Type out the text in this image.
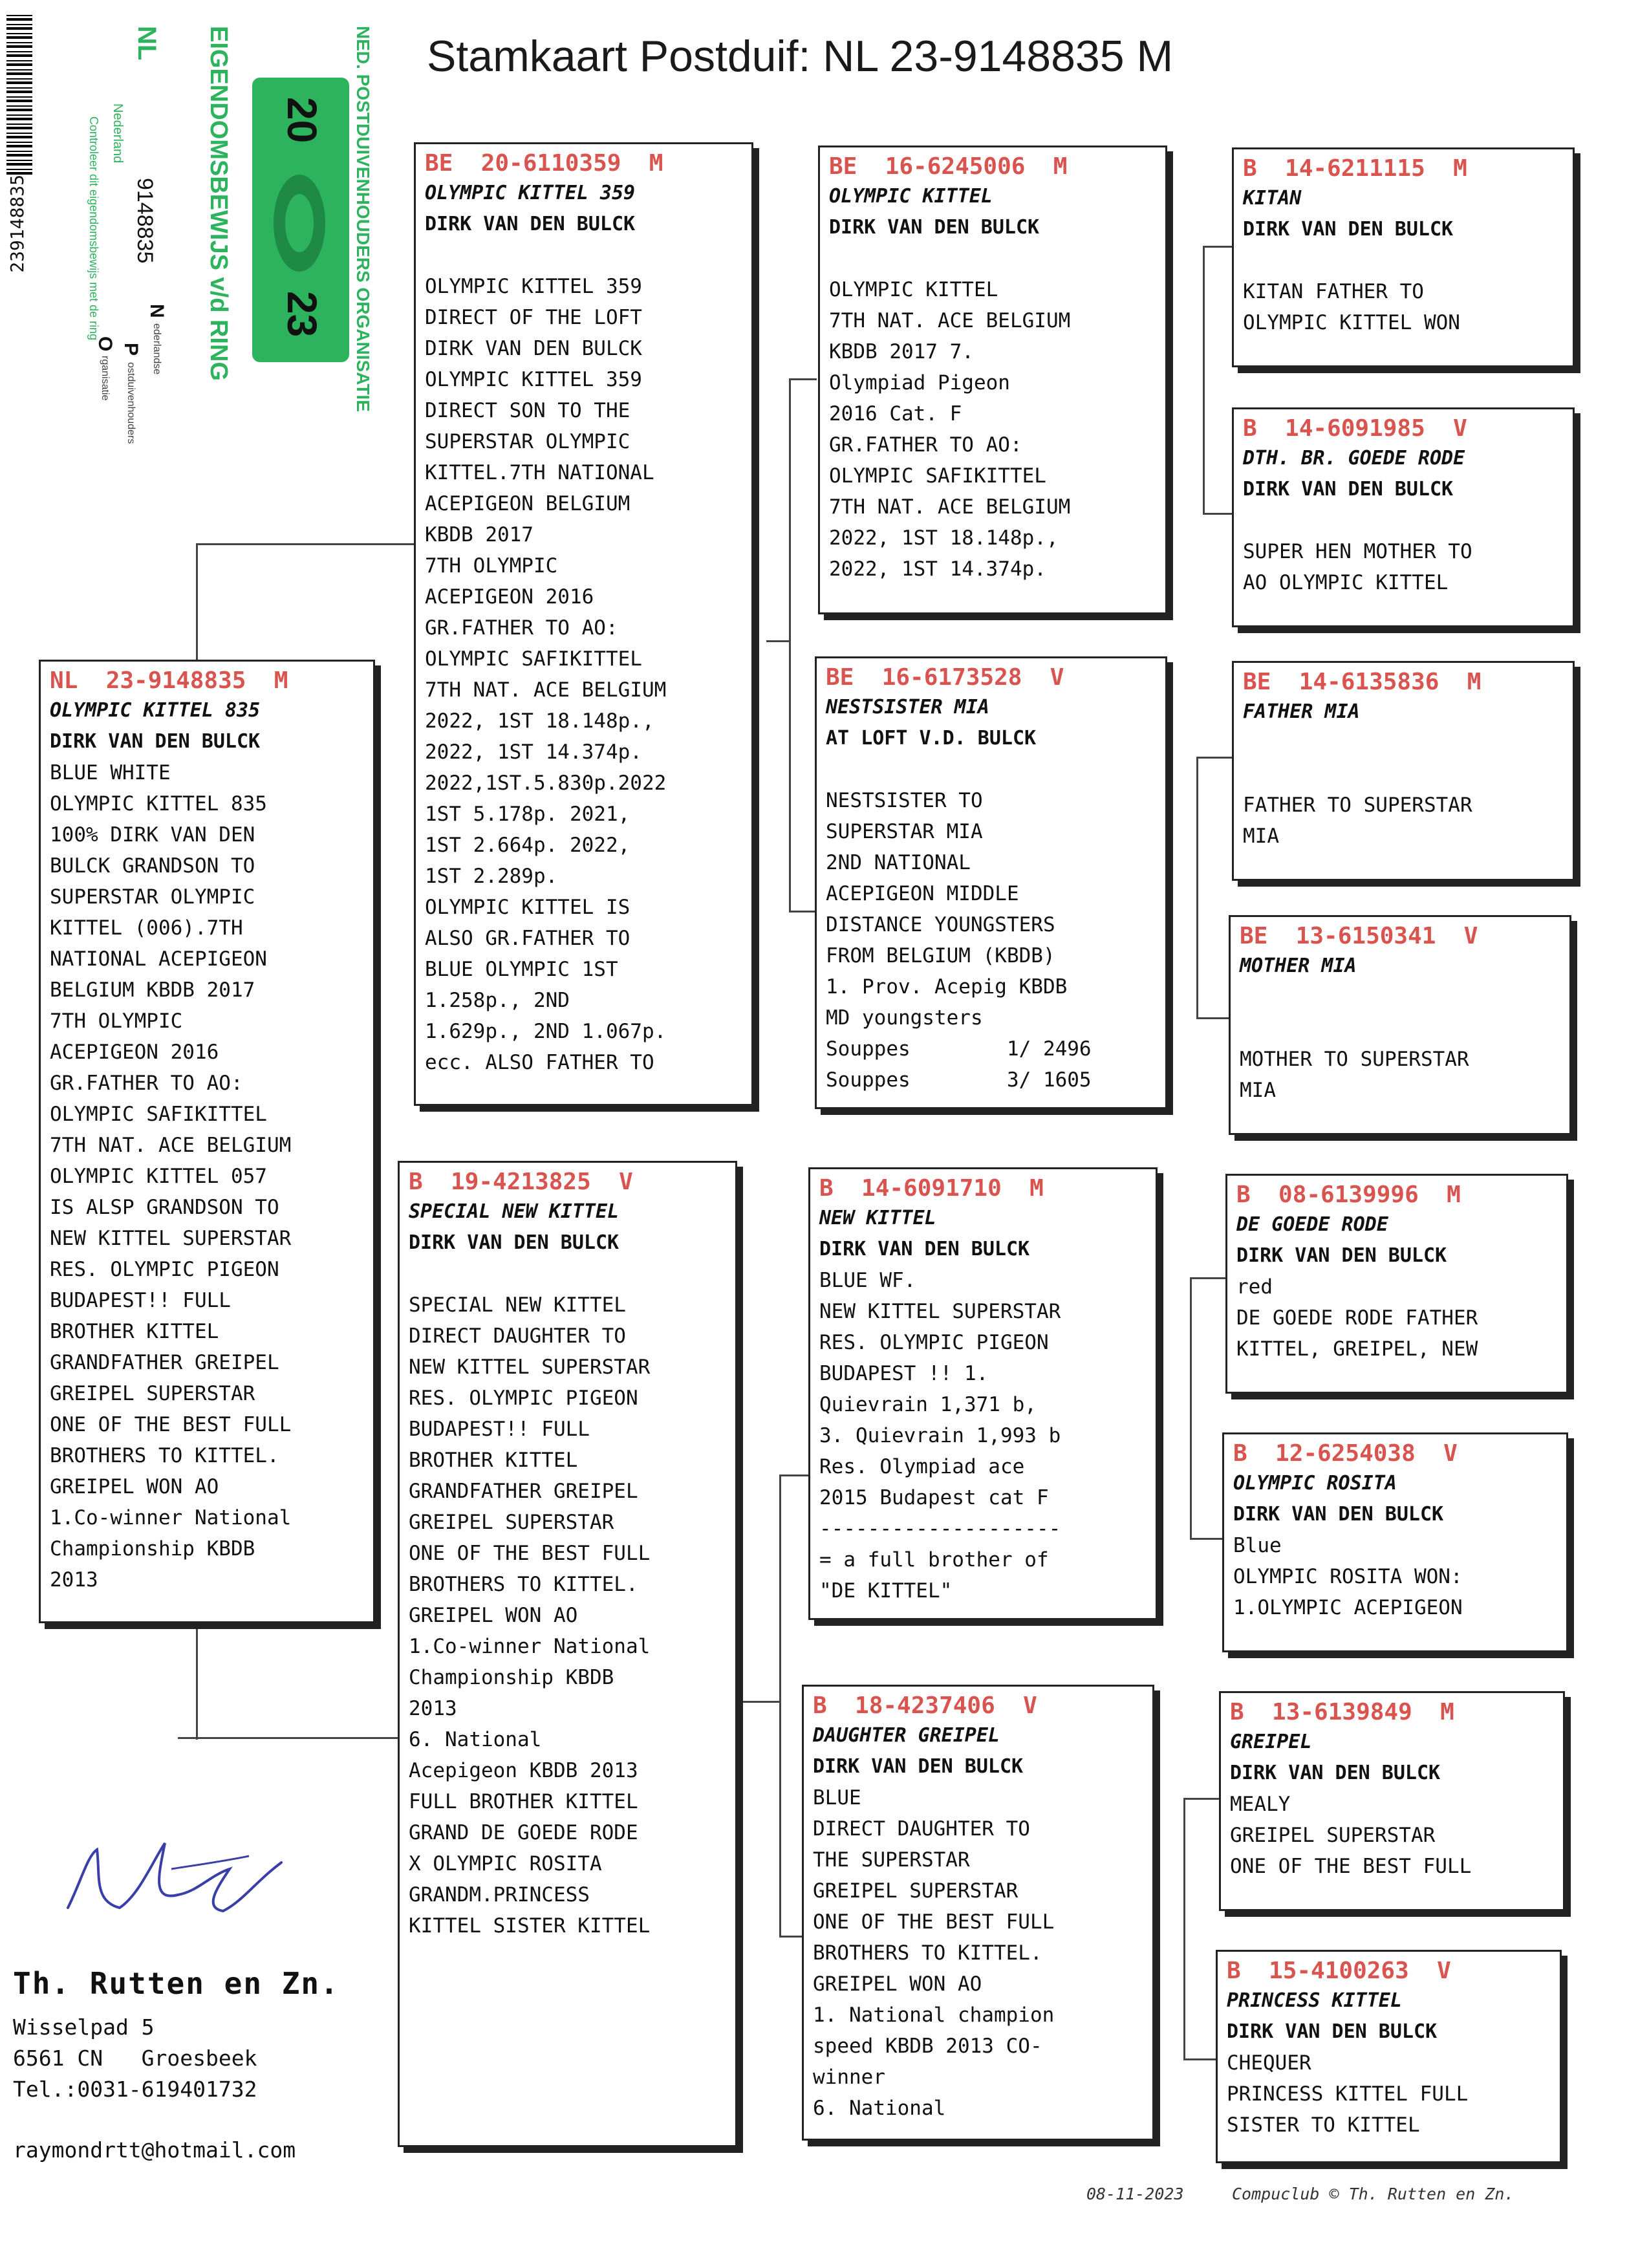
Stamkaart Postduif: NL 23-9148835 M
239148835	NED. POSTDUIVENHOUDERS ORGANISATIE
EIGENDOMSBEWIJS v/d RING
NL
Nederland
Controleer dit eigendomsbewijs met de ring 9148835
20
23
N
ederlandse
P
ostduivenhouders
O
rganisatie
NL  23-9148835  M
OLYMPIC KITTEL 835
DIRK VAN DEN BULCK
BLUE WHITE
OLYMPIC KITTEL 835
100% DIRK VAN DEN
BULCK GRANDSON TO
SUPERSTAR OLYMPIC
KITTEL (006).7TH
NATIONAL ACEPIGEON
BELGIUM KBDB 2017
7TH OLYMPIC
ACEPIGEON 2016
GR.FATHER TO AO:
OLYMPIC SAFIKITTEL
7TH NAT. ACE BELGIUM
OLYMPIC KITTEL 057
IS ALSP GRANDSON TO
NEW KITTEL SUPERSTAR
RES. OLYMPIC PIGEON
BUDAPEST!! FULL
BROTHER KITTEL
GRANDFATHER GREIPEL
GREIPEL SUPERSTAR
ONE OF THE BEST FULL
BROTHERS TO KITTEL.
GREIPEL WON AO
1.Co-winner National
Championship KBDB
2013
BE  20-6110359  M
OLYMPIC KITTEL 359
DIRK VAN DEN BULCK
OLYMPIC KITTEL 359
DIRECT OF THE LOFT
DIRK VAN DEN BULCK
OLYMPIC KITTEL 359
DIRECT SON TO THE
SUPERSTAR OLYMPIC
KITTEL.7TH NATIONAL
ACEPIGEON BELGIUM
KBDB 2017
7TH OLYMPIC
ACEPIGEON 2016
GR.FATHER TO AO:
OLYMPIC SAFIKITTEL
7TH NAT. ACE BELGIUM
2022, 1ST 18.148p.,
2022, 1ST 14.374p.
2022,1ST.5.830p.2022
1ST 5.178p. 2021,
1ST 2.664p. 2022,
1ST 2.289p.
OLYMPIC KITTEL IS
ALSO GR.FATHER TO
BLUE OLYMPIC 1ST
1.258p., 2ND
1.629p., 2ND 1.067p.
ecc. ALSO FATHER TO
B  19-4213825  V
SPECIAL NEW KITTEL
DIRK VAN DEN BULCK
SPECIAL NEW KITTEL
DIRECT DAUGHTER TO
NEW KITTEL SUPERSTAR
RES. OLYMPIC PIGEON
BUDAPEST!! FULL
BROTHER KITTEL
GRANDFATHER GREIPEL
GREIPEL SUPERSTAR
ONE OF THE BEST FULL
BROTHERS TO KITTEL.
GREIPEL WON AO
1.Co-winner National
Championship KBDB
2013
6. National
Acepigeon KBDB 2013
FULL BROTHER KITTEL
GRAND DE GOEDE RODE
X OLYMPIC ROSITA
GRANDM.PRINCESS
KITTEL SISTER KITTEL
BE  16-6245006  M
OLYMPIC KITTEL
DIRK VAN DEN BULCK
OLYMPIC KITTEL
7TH NAT. ACE BELGIUM
KBDB 2017 7.
Olympiad Pigeon
2016 Cat. F
GR.FATHER TO AO:
OLYMPIC SAFIKITTEL
7TH NAT. ACE BELGIUM
2022, 1ST 18.148p.,
2022, 1ST 14.374p.
BE  16-6173528  V
NESTSISTER MIA
AT LOFT V.D. BULCK
NESTSISTER TO
SUPERSTAR MIA
2ND NATIONAL
ACEPIGEON MIDDLE
DISTANCE YOUNGSTERS
FROM BELGIUM (KBDB)
1. Prov. Acepig KBDB
MD youngsters
Souppes        1/ 2496
Souppes        3/ 1605
B  14-6091710  M
NEW KITTEL
DIRK VAN DEN BULCK
BLUE WF.
NEW KITTEL SUPERSTAR
RES. OLYMPIC PIGEON
BUDAPEST !! 1.
Quievrain 1,371 b,
3. Quievrain 1,993 b
Res. Olympiad ace
2015 Budapest cat F
--------------------
= a full brother of
"DE KITTEL"
B  18-4237406  V
DAUGHTER GREIPEL
DIRK VAN DEN BULCK
BLUE
DIRECT DAUGHTER TO
THE SUPERSTAR
GREIPEL SUPERSTAR
ONE OF THE BEST FULL
BROTHERS TO KITTEL.
GREIPEL WON AO
1. National champion
speed KBDB 2013 CO-
winner
6. National
B  14-6211115  M
KITAN
DIRK VAN DEN BULCK
KITAN FATHER TO
OLYMPIC KITTEL WON
B  14-6091985  V
DTH. BR. GOEDE RODE
DIRK VAN DEN BULCK
SUPER HEN MOTHER TO
AO OLYMPIC KITTEL
BE  14-6135836  M
FATHER MIA
FATHER TO SUPERSTAR
MIA
BE  13-6150341  V
MOTHER MIA
MOTHER TO SUPERSTAR
MIA
B  08-6139996  M
DE GOEDE RODE
DIRK VAN DEN BULCK
red
DE GOEDE RODE FATHER
KITTEL, GREIPEL, NEW
B  12-6254038  V
OLYMPIC ROSITA
DIRK VAN DEN BULCK
Blue
OLYMPIC ROSITA WON:
1.OLYMPIC ACEPIGEON
B  13-6139849  M
GREIPEL
DIRK VAN DEN BULCK
MEALY
GREIPEL SUPERSTAR
ONE OF THE BEST FULL
B  15-4100263  V
PRINCESS KITTEL
DIRK VAN DEN BULCK
CHEQUER
PRINCESS KITTEL FULL
SISTER TO KITTEL
Th. Rutten en Zn.
Wisselpad 5
6561 CN   Groesbeek
Tel.:0031-619401732
raymondrtt@hotmail.com
08-11-2023	Compuclub © Th. Rutten en Zn.
